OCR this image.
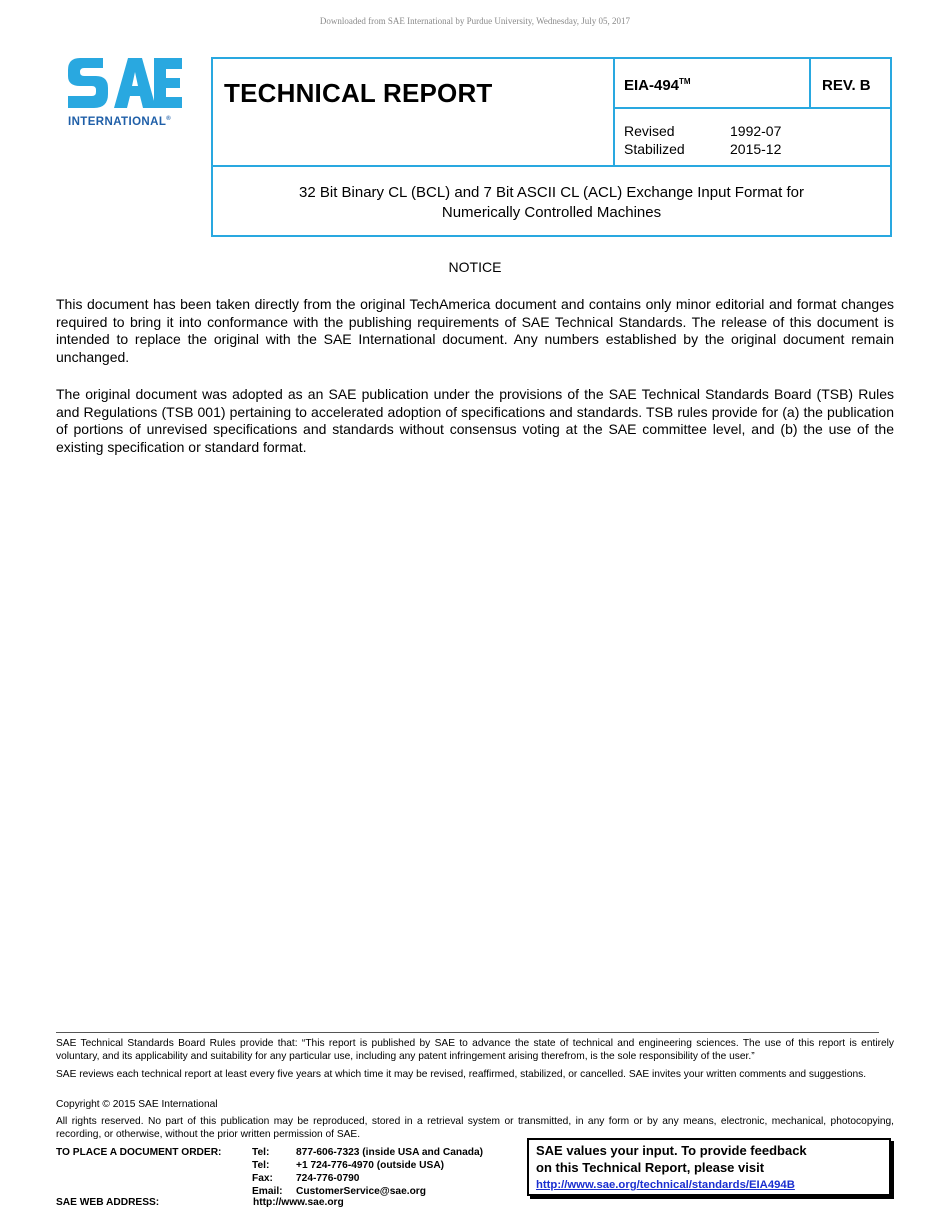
Downloaded from SAE International by Purdue University, Wednesday, July 05, 2017
INTERNATIONAL®
TECHNICAL REPORT	EIA-494™	REV. B
Revised	1992-07
Stabilized	2015-12
32 Bit Binary CL (BCL) and 7 Bit ASCII CL (ACL) Exchange Input Format for
Numerically Controlled Machines
NOTICE
This document has been taken directly from the original TechAmerica document and contains only minor editorial and format changes required to bring it into conformance with the publishing requirements of SAE Technical Standards. The release of this document is intended to replace the original with the SAE International document. Any numbers established by the original document remain unchanged.
The original document was adopted as an SAE publication under the provisions of the SAE Technical Standards Board (TSB) Rules and Regulations (TSB 001) pertaining to accelerated adoption of specifications and standards. TSB rules provide for (a) the publication of portions of unrevised specifications and standards without consensus voting at the SAE committee level, and (b) the use of the existing specification or standard format.
SAE Technical Standards Board Rules provide that: “This report is published by SAE to advance the state of technical and engineering sciences. The use of this report is entirely voluntary, and its applicability and suitability for any particular use, including any patent infringement arising therefrom, is the sole responsibility of the user.”
SAE reviews each technical report at least every five years at which time it may be revised, reaffirmed, stabilized, or cancelled. SAE invites your written comments and suggestions.
Copyright © 2015 SAE International
All rights reserved. No part of this publication may be reproduced, stored in a retrieval system or transmitted, in any form or by any means, electronic, mechanical, photocopying, recording, or otherwise, without the prior written permission of SAE.
TO PLACE A DOCUMENT ORDER:	Tel:	877-606-7323 (inside USA and Canada)
Tel:	+1 724-776-4970 (outside USA)
Fax:	724-776-0790
Email:	CustomerService@sae.org
SAE WEB ADDRESS:	http://www.sae.org
SAE values your input. To provide feedback
on this Technical Report, please visit
http://www.sae.org/technical/standards/EIA494B
